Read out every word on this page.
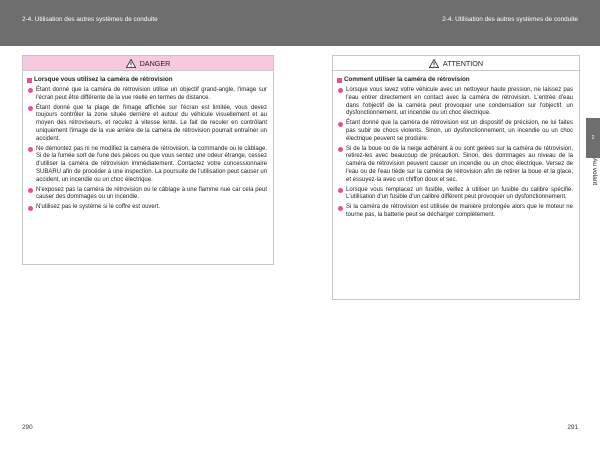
2-4. Utilisation des autres systèmes de conduite	2-4. Utilisation des autres systèmes de conduite
DANGER
Lorsque vous utilisez la caméra de rétrovision
Étant donné que la caméra de rétrovision utilise un objectif grand-angle, l'image sur l'écran peut être différente de la vue réelle en termes de distance.
Étant donné que la plage de l'image affichée sur l'écran est limitée, vous devez toujours contrôler la zone située derrière et autour du véhicule visuellement et au moyen des rétroviseurs, et reculez à vitesse lente. Le fait de reculer en contrôlant uniquement l'image de la vue arrière de la caméra de rétrovision pourrait entraîner un accident.
Ne démontez pas ni ne modifiez la caméra de rétrovision, la commande ou le câblage. Si de la fumée sort de l'une des pièces ou que vous sentez une odeur étrange, cessez d'utiliser la caméra de rétrovision immédiatement. Contactez votre concessionnaire SUBARU afin de procéder à une inspection. La poursuite de l'utilisation peut causer un accident, un incendie ou un choc électrique.
N'exposez pas la caméra de rétrovision ou le câblage à une flamme nue car cela peut causer des dommages ou un incendie.
N'utilisez pas le système si le coffre est ouvert.
ATTENTION
Comment utiliser la caméra de rétrovision
Lorsque vous lavez votre véhicule avec un nettoyeur haute pression, ne laissez pas l'eau entrer directement en contact avec la caméra de rétrovision. L'entrée d'eau dans l'objectif de la caméra peut provoquer une condensation sur l'objectif, un dysfonctionnement, un incendie ou un choc électrique.
Étant donné que la caméra de rétrovision est un dispositif de précision, ne lui faites pas subir de chocs violents. Sinon, un dysfonctionnement, un incendie ou un choc électrique peuvent se produire.
Si de la boue ou de la neige adhèrent à ou sont gelées sur la caméra de rétrovision, retirez-les avec beaucoup de précaution. Sinon, des dommages au niveau de la caméra de rétrovision peuvent causer un incendie ou un choc électrique. Versez de l'eau ou de l'eau tiède sur la caméra de rétrovision afin de retirer la boue et la glace, et essuyez-la avec un chiffon doux et sec.
Lorsque vous remplacez un fusible, veillez à utiliser un fusible du calibre spécifié. L'utilisation d'un fusible d'un calibre différent peut provoquer un dysfonctionnement.
Si la caméra de rétrovision est utilisée de manière prolongée alors que le moteur ne tourne pas, la batterie peut se décharger complètement.
2
Au volant
290	291
